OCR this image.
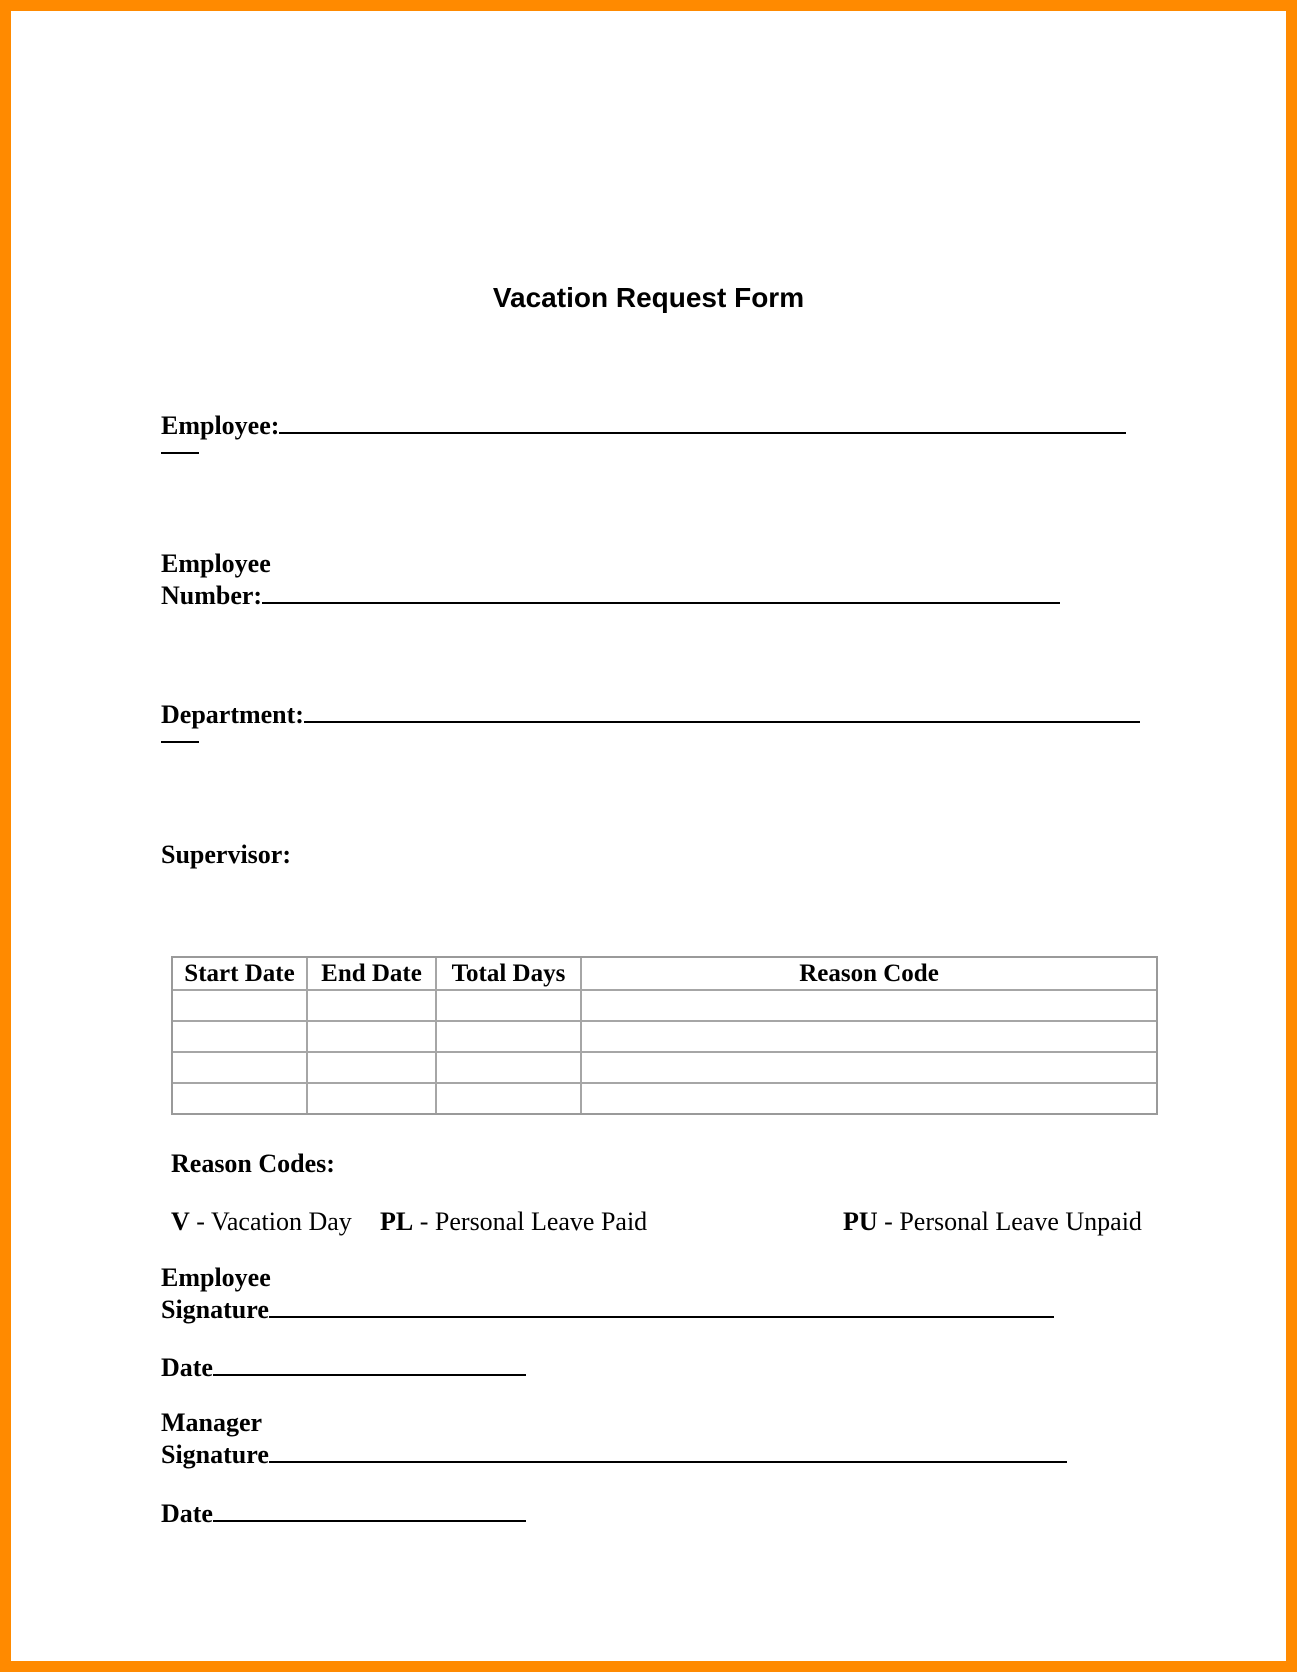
Vacation Request Form
Employee:
Employee
Number:
Department:
Supervisor:
Start Date	End Date	Total Days	Reason Code

Reason Codes:
V - Vacation Day PL - Personal Leave Paid	PU - Personal Leave Unpaid
Employee
Signature
Date
Manager
Signature
Date
